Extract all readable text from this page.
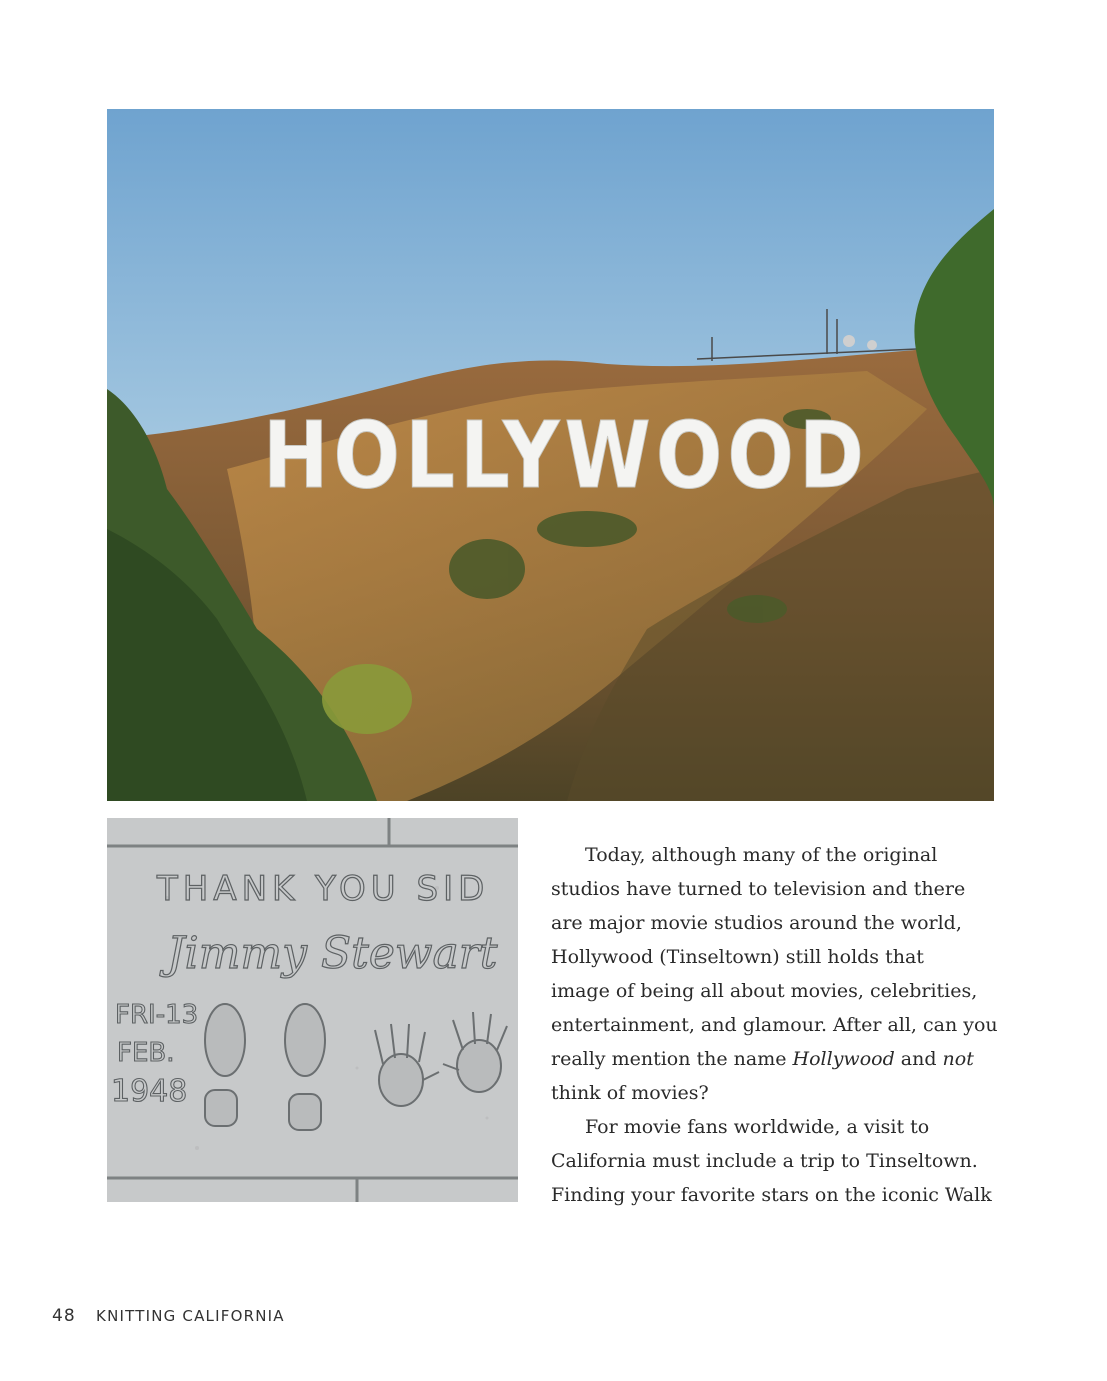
HOLLYWOOD
THANK YOU SID
Jimmy Stewart
FRI-13
FEB.
1948

Today, although many of the original
studios have turned to television and there
are major movie studios around the world,
Hollywood (Tinseltown) still holds that
image of being all about movies, celebrities,
entertainment, and glamour. After all, can you
really mention the name Hollywood and not
think of movies?

For movie fans worldwide, a visit to
California must include a trip to Tinseltown.
Finding your favorite stars on the iconic Walk

48 KNITTING CALIFORNIA
